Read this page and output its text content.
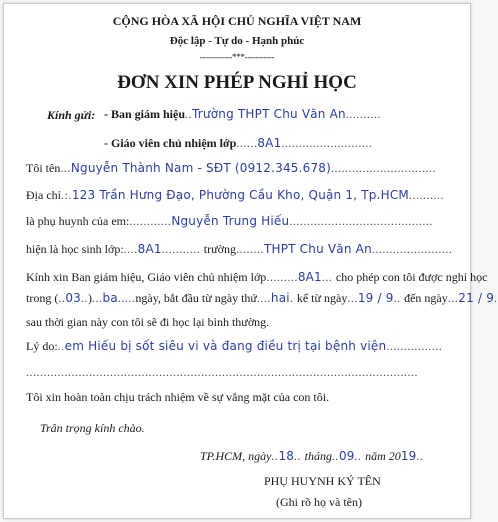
CỘNG HÒA XÃ HỘI CHỦ NGHĨA VIỆT NAM
Độc lập - Tự do - Hạnh phúc
------------***-----------
ĐƠN XIN PHÉP NGHỈ HỌC
Kính gửi: - Ban giám hiệu..Trường THPT Chu Văn An..........
- Giáo viên chủ nhiệm lớp......8A1..........................
Tôi tên...Nguyễn Thành Nam - SĐT (0912.345.678)..............................
Địa chỉ.:.123 Trần Hưng Đạo, Phường Cầu Kho, Quận 1, Tp.HCM..........
là phụ huynh của em:............Nguyễn Trung Hiếu.........................................
hiện là học sinh lớp:....8A1........... trường........THPT Chu Văn An.......................
Kính xin Ban giám hiệu, Giáo viên chủ nhiệm lớp.........8A1... cho phép con tôi được nghỉ học
trong (..03..)...ba.....ngày, bắt đầu từ ngày thứ....hai. kể từ ngày...19 / 9.. đến ngày...21 / 9.
sau thời gian này con tôi sẽ đi học lại bình thường.
Lý do:..em Hiếu bị sốt siêu vi và đang điều trị tại bệnh viện................
................................................................................................................
Tôi xin hoàn toàn chịu trách nhiệm về sự vắng mặt của con tôi.
Trân trọng kính chào.
TP.HCM, ngày..18.. tháng..09.. năm 2019..
PHỤ HUYNH KÝ TÊN
(Ghi rõ họ và tên)
